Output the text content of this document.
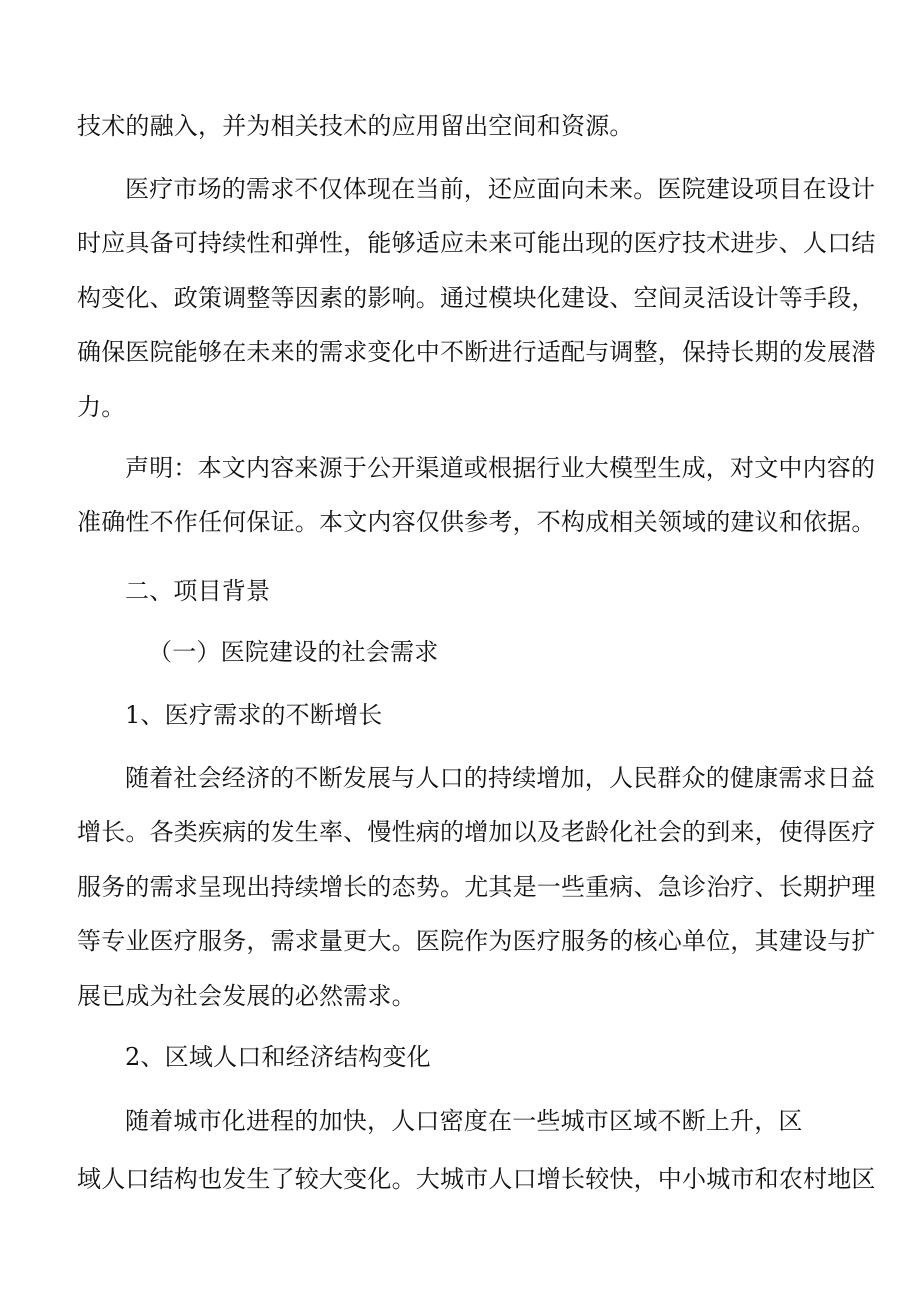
技术的融入，并为相关技术的应用留出空间和资源。
医疗市场的需求不仅体现在当前，还应面向未来。医院建设项目在设计
时应具备可持续性和弹性，能够适应未来可能出现的医疗技术进步、人口结
构变化、政策调整等因素的影响。通过模块化建设、空间灵活设计等手段，
确保医院能够在未来的需求变化中不断进行适配与调整，保持长期的发展潜
力。
声明：本文内容来源于公开渠道或根据行业大模型生成，对文中内容的
准确性不作任何保证。本文内容仅供参考，不构成相关领域的建议和依据。
二、项目背景
（一）医院建设的社会需求
1、医疗需求的不断增长
随着社会经济的不断发展与人口的持续增加，人民群众的健康需求日益
增长。各类疾病的发生率、慢性病的增加以及老龄化社会的到来，使得医疗
服务的需求呈现出持续增长的态势。尤其是一些重病、急诊治疗、长期护理
等专业医疗服务，需求量更大。医院作为医疗服务的核心单位，其建设与扩
展已成为社会发展的必然需求。
2、区域人口和经济结构变化
随着城市化进程的加快，人口密度在一些城市区域不断上升，区
域人口结构也发生了较大变化。大城市人口增长较快，中小城市和农村地区
